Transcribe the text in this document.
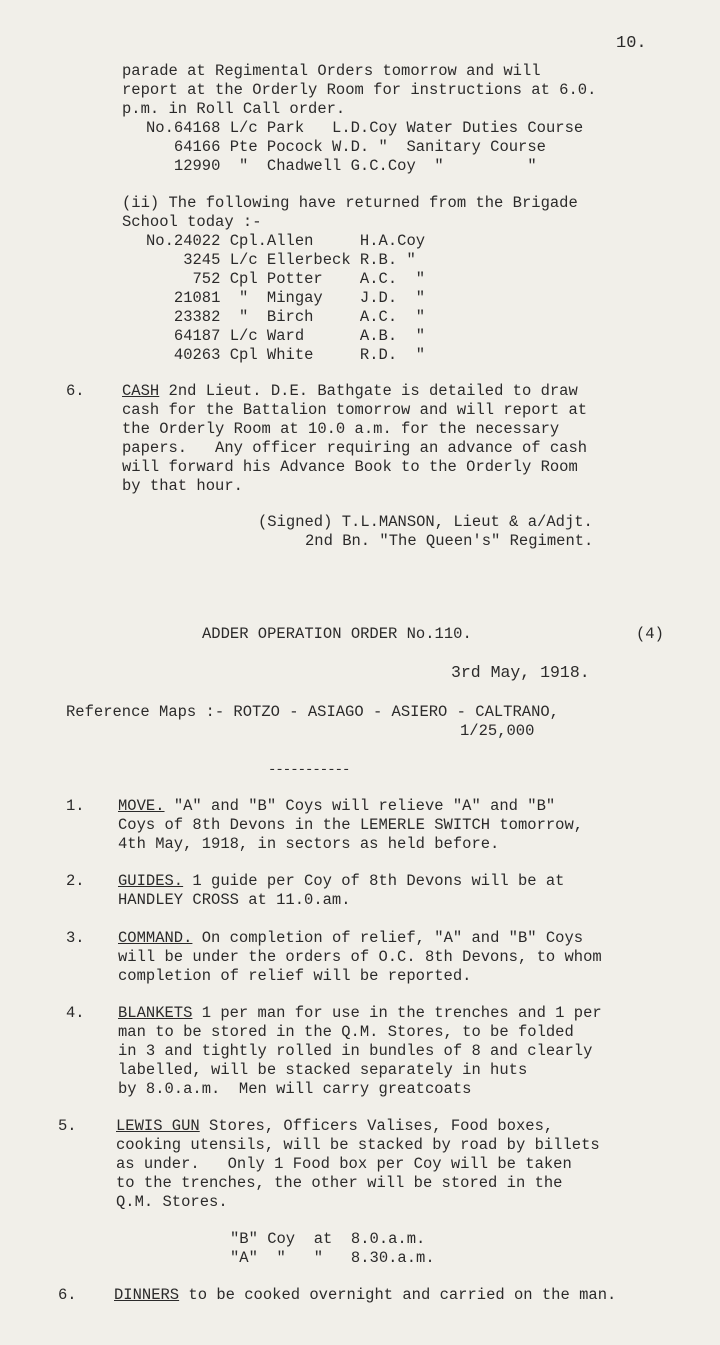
10.
parade at Regimental Orders tomorrow and will
report at the Orderly Room for instructions at 6.0.
p.m. in Roll Call order.
No.64168 L/c Park   L.D.Coy Water Duties Course
64166 Pte Pocock W.D. "  Sanitary Course
12990  "  Chadwell G.C.Coy  "         "
(ii) The following have returned from the Brigade
School today :-
No.24022 Cpl.Allen     H.A.Coy
3245 L/c Ellerbeck R.B. "
752 Cpl Potter    A.C.  "
21081  "  Mingay    J.D.  "
23382  "  Birch     A.C.  "
64187 L/c Ward      A.B.  "
40263 Cpl White     R.D.  "
6. CASH 2nd Lieut. D.E. Bathgate is detailed to draw
cash for the Battalion tomorrow and will report at
the Orderly Room at 10.0 a.m. for the necessary
papers.   Any officer requiring an advance of cash
will forward his Advance Book to the Orderly Room
by that hour.
(Signed) T.L.MANSON, Lieut & a/Adjt.
2nd Bn. "The Queen's" Regiment.
ADDER OPERATION ORDER No.110.	(4)
3rd May, 1918.
Reference Maps :- ROTZO - ASIAGO - ASIERO - CALTRANO,
1/25,000
-----------
1. MOVE. "A" and "B" Coys will relieve "A" and "B"
Coys of 8th Devons in the LEMERLE SWITCH tomorrow,
4th May, 1918, in sectors as held before.
2. GUIDES. 1 guide per Coy of 8th Devons will be at
HANDLEY CROSS at 11.0.am.
3. COMMAND. On completion of relief, "A" and "B" Coys
will be under the orders of O.C. 8th Devons, to whom
completion of relief will be reported.
4. BLANKETS 1 per man for use in the trenches and 1 per
man to be stored in the Q.M. Stores, to be folded
in 3 and tightly rolled in bundles of 8 and clearly
labelled, will be stacked separately in huts
by 8.0.a.m.  Men will carry greatcoats
5.	LEWIS GUN Stores, Officers Valises, Food boxes,
cooking utensils, will be stacked by road by billets
as under.   Only 1 Food box per Coy will be taken
to the trenches, the other will be stored in the
Q.M. Stores.
"B" Coy  at  8.0.a.m.
"A"  "   "   8.30.a.m.
6. DINNERS to be cooked overnight and carried on the man.
